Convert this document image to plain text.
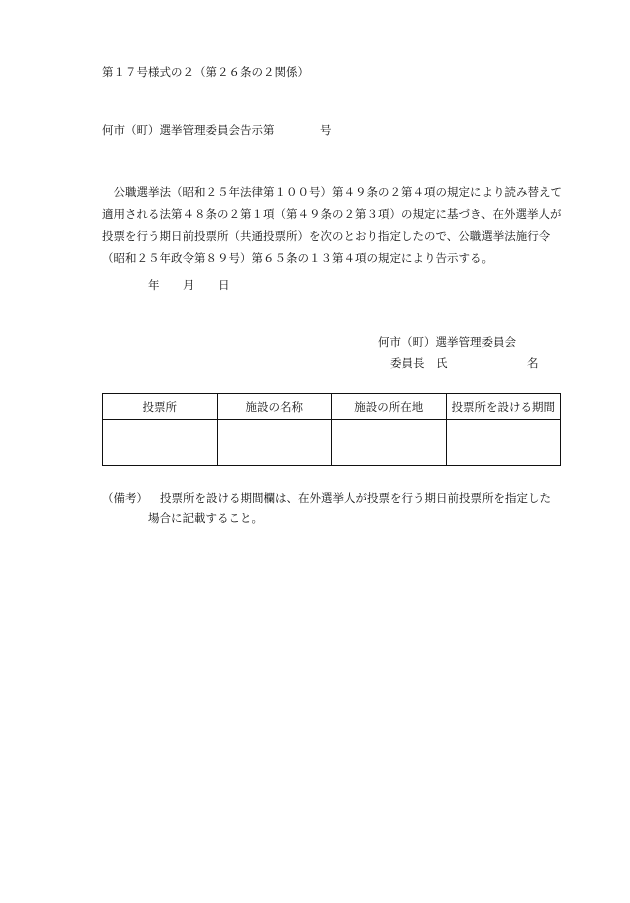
第１７号様式の２（第２６条の２関係）
何市（町）選挙管理委員会告示第	号

　公職選挙法（昭和２５年法律第１００号）第４９条の２第４項の規定により読み替えて

適用される法第４８条の２第１項（第４９条の２第３項）の規定に基づき、在外選挙人が

投票を行う期日前投票所（共通投票所）を次のとおり指定したので、公職選挙法施行令

（昭和２５年政令第８９号）第６５条の１３第４項の規定により告示する。

年 月 日
何市（町）選挙管理委員会
委員長　氏	名
投票所	施設の名称	施設の所在地	投票所を設ける期間

（備考） 投票所を設ける期間欄は、在外選挙人が投票を行う期日前投票所を指定した
場合に記載すること。
